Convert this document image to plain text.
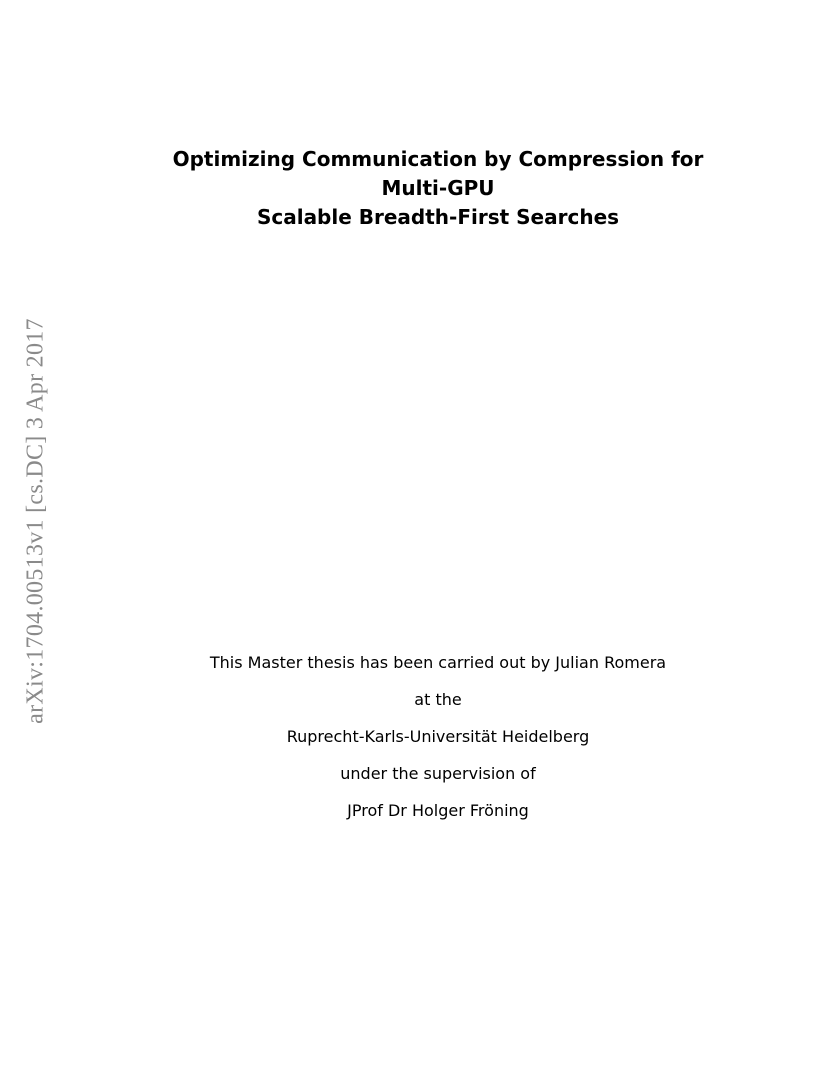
arXiv:1704.00513v1 [cs.DC] 3 Apr 2017
Optimizing Communication by Compression for
Multi-GPU
Scalable Breadth-First Searches
This Master thesis has been carried out by Julian Romera
at the
Ruprecht-Karls-Universität Heidelberg
under the supervision of
JProf Dr Holger Fröning
